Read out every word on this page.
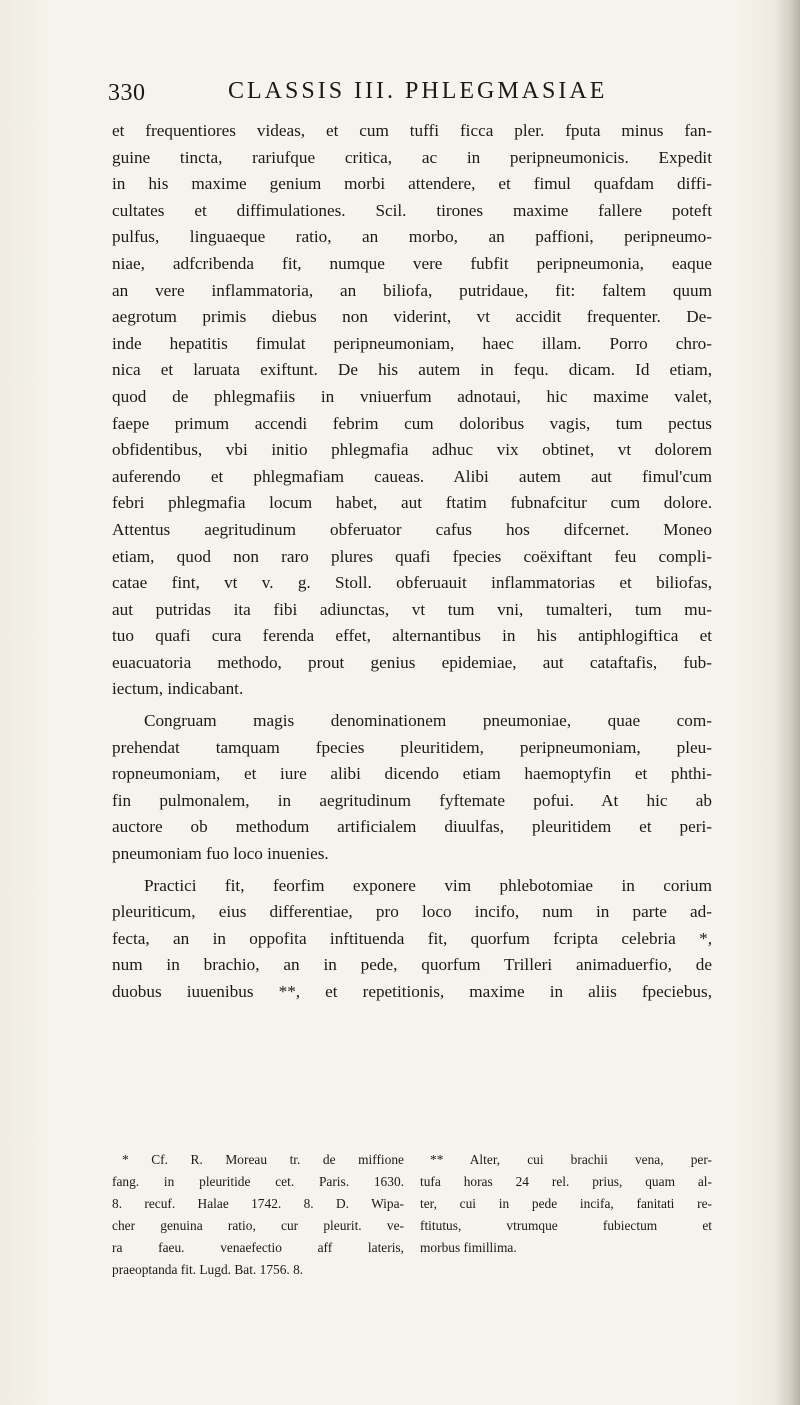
330	CLASSIS III. PHLEGMASIAE
et frequentiores videas, et cum tuffi ficca pler. fputa minus fan-
guine tincta, rariufque critica, ac in peripneumonicis. Expedit
in his maxime genium morbi attendere, et fimul quafdam diffi-
cultates et diffimulationes. Scil. tirones maxime fallere poteft
pulfus, linguaeque ratio, an morbo, an paffioni, peripneumo-
niae, adfcribenda fit, numque vere fubfit peripneumonia, eaque
an vere inflammatoria, an biliofa, putridaue, fit: faltem quum
aegrotum primis diebus non viderint, vt accidit frequenter. De-
inde hepatitis fimulat peripneumoniam, haec illam. Porro chro-
nica et laruata exiftunt. De his autem in fequ. dicam. Id etiam,
quod de phlegmafiis in vniuerfum adnotaui, hic maxime valet,
faepe primum accendi febrim cum doloribus vagis, tum pectus
obfidentibus, vbi initio phlegmafia adhuc vix obtinet, vt dolorem
auferendo et phlegmafiam caueas. Alibi autem aut fimul'cum
febri phlegmafia locum habet, aut ftatim fubnafcitur cum dolore.
Attentus aegritudinum obferuator cafus hos difcernet. Moneo
etiam, quod non raro plures quafi fpecies coëxiftant feu compli-
catae fint, vt v. g. Stoll. obferuauit inflammatorias et biliofas,
aut putridas ita fibi adiunctas, vt tum vni, tumalteri, tum mu-
tuo quafi cura ferenda effet, alternantibus in his antiphlogiftica et
euacuatoria methodo, prout genius epidemiae, aut cataftafis, fub-
iectum, indicabant.
Congruam magis denominationem pneumoniae, quae com-
prehendat tamquam fpecies pleuritidem, peripneumoniam, pleu-
ropneumoniam, et iure alibi dicendo etiam haemoptyfin et phthi-
fin pulmonalem, in aegritudinum fyftemate pofui. At hic ab
auctore ob methodum artificialem diuulfas, pleuritidem et peri-
pneumoniam fuo loco inuenies.
Practici fit, feorfim exponere vim phlebotomiae in corium
pleuriticum, eius differentiae, pro loco incifo, num in parte ad-
fecta, an in oppofita inftituenda fit, quorfum fcripta celebria *,
num in brachio, an in pede, quorfum Trilleri animaduerfio, de
duobus iuuenibus **, et repetitionis, maxime in aliis fpeciebus,
* Cf. R. Moreau tr. de miffione
fang. in pleuritide cet. Paris. 1630.
8. recuf. Halae 1742. 8. D. Wipa-
cher genuina ratio, cur pleurit. ve-
ra faeu. venaefectio aff lateris,
praeoptanda fit. Lugd. Bat. 1756. 8.
** Alter, cui brachii vena, per-
tufa horas 24 rel. prius, quam al-
ter, cui in pede incifa, fanitati re-
ftitutus, vtrumque fubiectum et
morbus fimillima.
